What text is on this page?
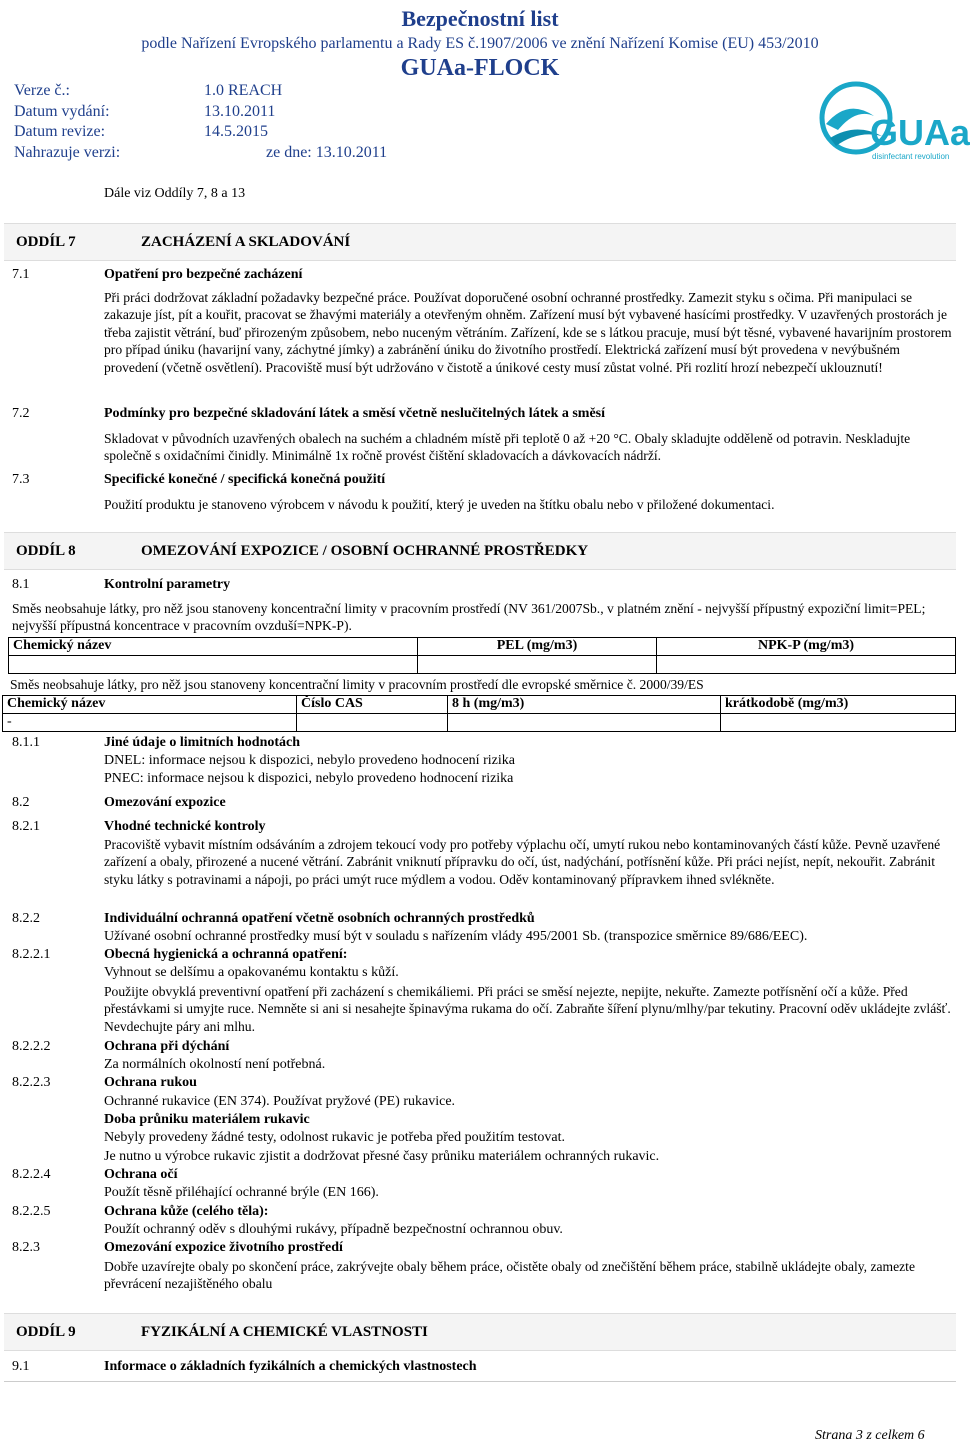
Bezpečnostní list
podle Nařízení Evropského parlamentu a Rady ES č.1907/2006 ve znění Nařízení Komise (EU) 453/2010
GUAa-FLOCK
Verze č.:	1.0 REACH
Datum vydání:	13.10.2011
Datum revize:	14.5.2015
Nahrazuje verzi:	ze dne: 13.10.2011	GUAa
disinfectant revolution
Dále viz Oddíly 7, 8 a 13
ODDÍL 7	ZACHÁZENÍ A SKLADOVÁNÍ
7.1	Opatření pro bezpečné zacházení
Při práci dodržovat základní požadavky bezpečné práce. Používat doporučené osobní ochranné prostředky. Zamezit styku s očima. Při manipulaci se zakazuje jíst, pít a kouřit, pracovat se žhavými materiály a otevřeným ohněm. Zařízení musí být vybavené hasícími prostředky. V uzavřených prostorách je třeba zajistit větrání, buď přirozeným způsobem, nebo nuceným větráním. Zařízení, kde se s látkou pracuje, musí být těsné, vybavené havarijním prostorem pro případ úniku (havarijní vany, záchytné jímky) a zabránění úniku do životního prostředí. Elektrická zařízení musí být provedena v nevýbušném provedení (včetně osvětlení). Pracoviště musí být udržováno v čistotě a únikové cesty musí zůstat volné. Při rozlití hrozí nebezpečí uklouznutí!
7.2	Podmínky pro bezpečné skladování látek a směsí včetně neslučitelných látek a směsí
Skladovat v původních uzavřených obalech na suchém a chladném místě při teplotě 0 až +20 °C. Obaly skladujte odděleně od potravin. Neskladujte společně s oxidačními činidly. Minimálně 1x ročně provést čištění skladovacích a dávkovacích nádrží.
7.3	Specifické konečné / specifická konečná použití
Použití produktu je stanoveno výrobcem v návodu k použití, který je uveden na štítku obalu nebo v přiložené dokumentaci.
ODDÍL 8	OMEZOVÁNÍ EXPOZICE / OSOBNÍ OCHRANNÉ PROSTŘEDKY
8.1	Kontrolní parametry
Směs neobsahuje látky, pro něž jsou stanoveny koncentrační limity v pracovním prostředí (NV 361/2007Sb., v platném znění - nejvyšší přípustný expoziční limit=PEL; nejvyšší přípustná koncentrace v pracovním ovzduší=NPK-P).
Chemický název	PEL (mg/m3)	NPK-P (mg/m3)

Směs neobsahuje látky, pro něž jsou stanoveny koncentrační limity v pracovním prostředí dle evropské směrnice č. 2000/39/ES
Chemický název	Číslo CAS	8 h (mg/m3)	krátkodobě (mg/m3)
-			
8.1.1	Jiné údaje o limitních hodnotách
DNEL: informace nejsou k dispozici, nebylo provedeno hodnocení rizika
PNEC: informace nejsou k dispozici, nebylo provedeno hodnocení rizika
8.2	Omezování expozice
8.2.1	Vhodné technické kontroly
Pracoviště vybavit místním odsáváním a zdrojem tekoucí vody pro potřeby výplachu očí, umytí rukou nebo kontaminovaných částí kůže. Pevně uzavřené zařízení a obaly, přirozené a nucené větrání. Zabránit vniknutí přípravku do očí, úst, nadýchání, potřísnění kůže. Při práci nejíst, nepít, nekouřit. Zabránit styku látky s potravinami a nápoji, po práci umýt ruce mýdlem a vodou. Oděv kontaminovaný přípravkem ihned svlékněte.
8.2.2	Individuální ochranná opatření včetně osobních ochranných prostředků
Užívané osobní ochranné prostředky musí být v souladu s nařízením vlády 495/2001 Sb. (transpozice směrnice 89/686/EEC).
8.2.2.1	Obecná hygienická a ochranná opatření:
Vyhnout se delšímu a opakovanému kontaktu s kůží.
Použijte obvyklá preventivní opatření při zacházení s chemikáliemi. Při práci se směsí nejezte, nepijte, nekuřte. Zamezte potřísnění očí a kůže. Před přestávkami si umyjte ruce. Nemněte si ani si nesahejte špinavýma rukama do očí. Zabraňte šíření plynu/mlhy/par tekutiny. Pracovní oděv ukládejte zvlášť. Nevdechujte páry ani mlhu.
8.2.2.2	Ochrana při dýchání
Za normálních okolností není potřebná.
8.2.2.3	Ochrana rukou
Ochranné rukavice (EN 374). Používat pryžové (PE) rukavice.
Doba průniku materiálem rukavic
Nebyly provedeny žádné testy, odolnost rukavic je potřeba před použitím testovat.
Je nutno u výrobce rukavic zjistit a dodržovat přesné časy průniku materiálem ochranných rukavic.
8.2.2.4	Ochrana očí
Použít těsně přiléhající ochranné brýle (EN 166).
8.2.2.5	Ochrana kůže (celého těla):
Použít ochranný oděv s dlouhými rukávy, případně bezpečnostní ochrannou obuv.
8.2.3	Omezování expozice životního prostředí
Dobře uzavírejte obaly po skončení práce, zakrývejte obaly během práce, očistěte obaly od znečištění během práce, stabilně ukládejte obaly, zamezte převrácení nezajištěného obalu
ODDÍL 9	FYZIKÁLNÍ A CHEMICKÉ VLASTNOSTI
9.1	Informace o základních fyzikálních a chemických vlastnostech
Strana 3 z celkem 6
